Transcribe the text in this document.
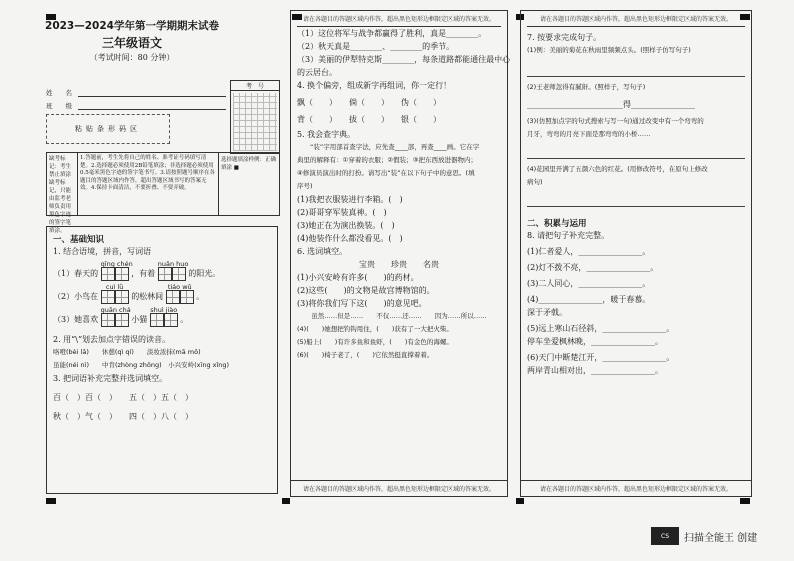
2023—2024学年第一学期期末试卷
三年级语文
（考试时间：80 分钟）
姓　　名
班　　级
粘贴条形码区
考　号
缺考标记：考生禁止填涂缺考标记，只能由监考老师负责用黑色字迹的签字笔填涂。
1.答题前，考生先将自己的姓名、准考证号码填写清楚。2.选择题必须使用2B铅笔填涂；非选择题必须使用0.5毫米黑色字迹的签字笔书写。3.请按照题号顺序在各题目的答题区域内作答，超出答题区域书写的答案无效。4.保持卡面清洁，不要折叠、不要弄破。
选择题填涂样例：正确填涂 ■
一、基础知识
1. 结合语境，拼音，写词语
（1）春天的
qīng chén
，有着
nuǎn huo
的阳光。
（2）小鸟在
cuì lǜ
的松林间
tiáo wǔ
。
（3）她喜欢
guān chá
小猫
shuì jiào
。
2. 用“\”划去加点字错误的读音。
咯噔(bèi lā)　　休憩(qì qí)　　淡妆浓抹(mā mǒ)
虽能(néi nì)　　中肯(zhòng zhǒng)　小兴安岭(xīng xǐng)
3. 把词语补充完整并选词填空。
百（　）百（　）　　五（　）五（　）
秋（　）气（　）　　四（　）八（　）
请在各题目的答题区域内作答，超出黑色矩形边框限定区域的答案无效。
（1）这位将军与战争都赢得了胜利，真是________。
（2）秋天真是________、________的季节。
（3）美丽的伊犁特克斯________，每条道路都能通往最中心
的云居台。
4. 换个偏旁，组成新字再组词，你一定行！
飘（　　）　　倘（　　）　　伪（　　）
背（　　）　　拔（　　）　　银（　　）
5. 我会查字典。
　　“装”字用部首查字法，应先查____部，再查____画。它在字
典里的解释有：①穿着的衣服；②假装；③把东西放进器物内；
④修演员演出时的打扮。请写出“装”在以下句子中的意思。(填
序号)
(1)我把衣服装进行李箱。(　)
(2)哥哥穿军装真神。(　)
(3)她正在为演出换装。(　)
(4)他装作什么都没看见。(　)
6. 选词填空。
宝贵　　珍贵　　名贵
(1)小兴安岭有许多(　　)的药材。
(2)这些(　　)的文物是故宫博物馆的。
(3)将你我们写下这(　　)的意见吧。
虽然……但是……　　不仅……还……　　因为……所以……
(4)(　　)她想把钓钩甩住，(　　)获有了一大把火柴。
(5)船上(　　)有许多鱼和鱼虾，(　　)有金色的海螺。
(6)(　　)椅子老了，(　　)它依然挺直撑着着。
请在各题目的答题区域内作答，超出黑色矩形边框限定区域的答案无效。
请在各题目的答题区域内作答，超出黑色矩形边框限定区域的答案无效。
7. 按要求完成句子。
(1)例：美丽的菊花在秋雨里频频点头。(照样子仿写句子)

(2)王老师忽得有腻鼾。(照样子，写句子)
________________________得________________
(3)(仿照加点字的句式搜索与写一句)通过改变中有一个弯弯的
月牙，弯弯的月亮下面是那弯弯的小桥……

(4)花园里开满了五颜六色的红花。(用修改符号，在原句上修改
病句)

二、积累与运用
8. 请把句子补充完整。
(1)仁者爱人，________________。
(2)灯不拨不亮，________________。
(3)二人同心，________________。
(4)________________，暖于春慕。
深于矛戟。
(5)远上寒山石径斜，________________。
停车坐爱枫林晚，________________。
(6)天门中断楚江开，________________。
两岸青山相对出，________________。
请在各题目的答题区域内作答，超出黑色矩形边框限定区域的答案无效。
CS	扫描全能王 创建
